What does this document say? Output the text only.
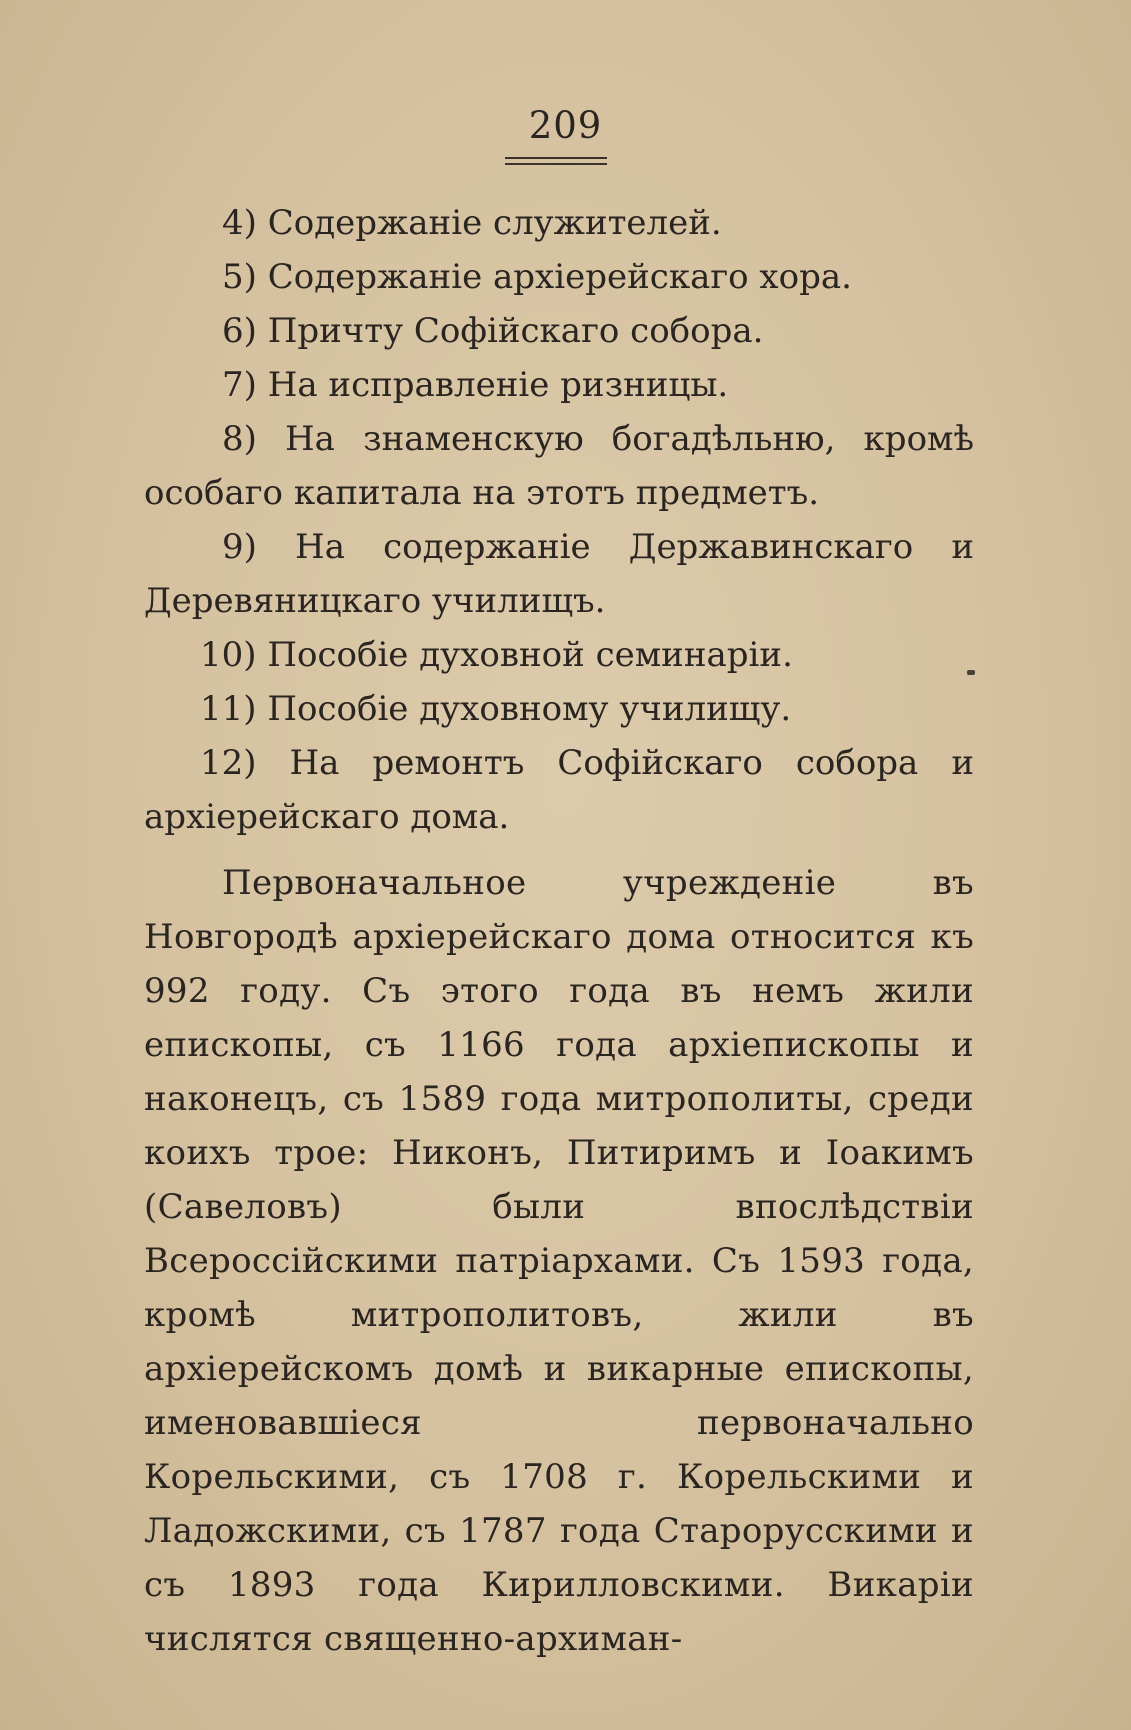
209

4) Содержаніе служителей.

5) Содержаніе архіерейскаго хора.

6) Причту Софійскаго собора.

7) На исправленіе ризницы.

8) На знаменскую богадѣльню, кромѣ особаго капитала на этотъ предметъ.

9) На содержаніе Державинскаго и Деревяницкаго училищъ.

10) Пособіе духовной семинаріи.

11) Пособіе духовному училищу.

12) На ремонтъ Софійскаго собора и архіерейскаго дома.

Первоначальное учрежденіе въ Новгородѣ архіерейскаго дома относится къ 992 году. Съ этого года въ немъ жили епископы, съ 1166 года архіепископы и наконецъ, съ 1589 года митрополиты, среди коихъ трое: Никонъ, Питиримъ и Іоакимъ (Савеловъ) были впослѣдствіи Всероссійскими патріархами. Съ 1593 года, кромѣ митрополитовъ, жили въ архіерейскомъ домѣ и викарные епископы, именовавшіеся первоначально Корельскими, съ 1708 г. Корельскими и Ладожскими, съ 1787 года Старорусскими и съ 1893 года Кирилловскими. Викаріи числятся священно-архиман-
